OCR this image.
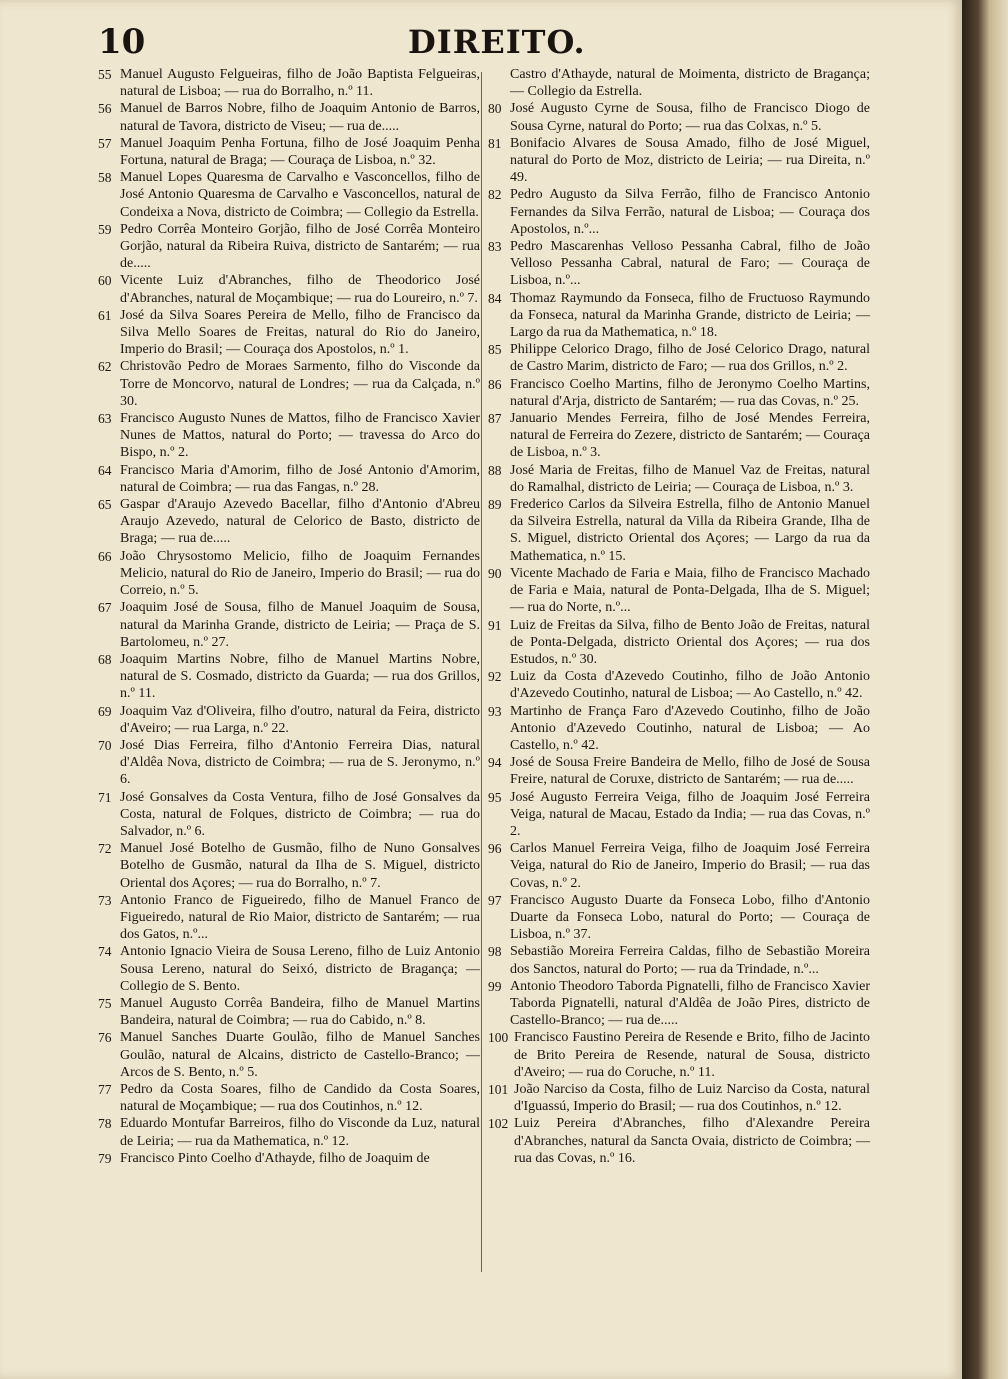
10	DIREITO.

55 Manuel Augusto Felgueiras, filho de João Baptista Felgueiras, natural de Lisboa; — rua do Borralho, n.º 11.

56 Manuel de Barros Nobre, filho de Joaquim Antonio de Barros, natural de Tavora, districto de Viseu; — rua de.....

57 Manuel Joaquim Penha Fortuna, filho de José Joaquim Penha Fortuna, natural de Braga; — Couraça de Lisboa, n.º 32.

58 Manuel Lopes Quaresma de Carvalho e Vasconcellos, filho de José Antonio Quaresma de Carvalho e Vasconcellos, natural de Condeixa a Nova, districto de Coimbra; — Collegio da Estrella.

59 Pedro Corrêa Monteiro Gorjão, filho de José Corrêa Monteiro Gorjão, natural da Ribeira Ruiva, districto de Santarém; — rua de.....

60 Vicente Luiz d'Abranches, filho de Theodorico José d'Abranches, natural de Moçambique; — rua do Loureiro, n.º 7.

61 José da Silva Soares Pereira de Mello, filho de Francisco da Silva Mello Soares de Freitas, natural do Rio do Janeiro, Imperio do Brasil; — Couraça dos Apostolos, n.º 1.

62 Christovão Pedro de Moraes Sarmento, filho do Visconde da Torre de Moncorvo, natural de Londres; — rua da Calçada, n.º 30.

63 Francisco Augusto Nunes de Mattos, filho de Francisco Xavier Nunes de Mattos, natural do Porto; — travessa do Arco do Bispo, n.º 2.

64 Francisco Maria d'Amorim, filho de José Antonio d'Amorim, natural de Coimbra; — rua das Fangas, n.º 28.

65 Gaspar d'Araujo Azevedo Bacellar, filho d'Antonio d'Abreu Araujo Azevedo, natural de Celorico de Basto, districto de Braga; — rua de.....

66 João Chrysostomo Melicio, filho de Joaquim Fernandes Melicio, natural do Rio de Janeiro, Imperio do Brasil; — rua do Correio, n.º 5.

67 Joaquim José de Sousa, filho de Manuel Joaquim de Sousa, natural da Marinha Grande, districto de Leiria; — Praça de S. Bartolomeu, n.º 27.

68 Joaquim Martins Nobre, filho de Manuel Martins Nobre, natural de S. Cosmado, districto da Guarda; — rua dos Grillos, n.º 11.

69 Joaquim Vaz d'Oliveira, filho d'outro, natural da Feira, districto d'Aveiro; — rua Larga, n.º 22.

70 José Dias Ferreira, filho d'Antonio Ferreira Dias, natural d'Aldêa Nova, districto de Coimbra; — rua de S. Jeronymo, n.º 6.

71 José Gonsalves da Costa Ventura, filho de José Gonsalves da Costa, natural de Folques, districto de Coimbra; — rua do Salvador, n.º 6.

72 Manuel José Botelho de Gusmão, filho de Nuno Gonsalves Botelho de Gusmão, natural da Ilha de S. Miguel, districto Oriental dos Açores; — rua do Borralho, n.º 7.

73 Antonio Franco de Figueiredo, filho de Manuel Franco de Figueiredo, natural de Rio Maior, districto de Santarém; — rua dos Gatos, n.º...

74 Antonio Ignacio Vieira de Sousa Lereno, filho de Luiz Antonio Sousa Lereno, natural do Seixó, districto de Bragança; — Collegio de S. Bento.

75 Manuel Augusto Corrêa Bandeira, filho de Manuel Martins Bandeira, natural de Coimbra; — rua do Cabido, n.º 8.

76 Manuel Sanches Duarte Goulão, filho de Manuel Sanches Goulão, natural de Alcains, districto de Castello-Branco; — Arcos de S. Bento, n.º 5.

77 Pedro da Costa Soares, filho de Candido da Costa Soares, natural de Moçambique; — rua dos Coutinhos, n.º 12.

78 Eduardo Montufar Barreiros, filho do Visconde da Luz, natural de Leiria; — rua da Mathematica, n.º 12.

79 Francisco Pinto Coelho d'Athayde, filho de Joaquim de

Castro d'Athayde, natural de Moimenta, districto de Bragança; — Collegio da Estrella.

80 José Augusto Cyrne de Sousa, filho de Francisco Diogo de Sousa Cyrne, natural do Porto; — rua das Colxas, n.º 5.

81 Bonifacio Alvares de Sousa Amado, filho de José Miguel, natural do Porto de Moz, districto de Leiria; — rua Direita, n.º 49.

82 Pedro Augusto da Silva Ferrão, filho de Francisco Antonio Fernandes da Silva Ferrão, natural de Lisboa; — Couraça dos Apostolos, n.º...

83 Pedro Mascarenhas Velloso Pessanha Cabral, filho de João Velloso Pessanha Cabral, natural de Faro; — Couraça de Lisboa, n.º...

84 Thomaz Raymundo da Fonseca, filho de Fructuoso Raymundo da Fonseca, natural da Marinha Grande, districto de Leiria; — Largo da rua da Mathematica, n.º 18.

85 Philippe Celorico Drago, filho de José Celorico Drago, natural de Castro Marim, districto de Faro; — rua dos Grillos, n.º 2.

86 Francisco Coelho Martins, filho de Jeronymo Coelho Martins, natural d'Arja, districto de Santarém; — rua das Covas, n.º 25.

87 Januario Mendes Ferreira, filho de José Mendes Ferreira, natural de Ferreira do Zezere, districto de Santarém; — Couraça de Lisboa, n.º 3.

88 José Maria de Freitas, filho de Manuel Vaz de Freitas, natural do Ramalhal, districto de Leiria; — Couraça de Lisboa, n.º 3.

89 Frederico Carlos da Silveira Estrella, filho de Antonio Manuel da Silveira Estrella, natural da Villa da Ribeira Grande, Ilha de S. Miguel, districto Oriental dos Açores; — Largo da rua da Mathematica, n.º 15.

90 Vicente Machado de Faria e Maia, filho de Francisco Machado de Faria e Maia, natural de Ponta-Delgada, Ilha de S. Miguel; — rua do Norte, n.º...

91 Luiz de Freitas da Silva, filho de Bento João de Freitas, natural de Ponta-Delgada, districto Oriental dos Açores; — rua dos Estudos, n.º 30.

92 Luiz da Costa d'Azevedo Coutinho, filho de João Antonio d'Azevedo Coutinho, natural de Lisboa; — Ao Castello, n.º 42.

93 Martinho de França Faro d'Azevedo Coutinho, filho de João Antonio d'Azevedo Coutinho, natural de Lisboa; — Ao Castello, n.º 42.

94 José de Sousa Freire Bandeira de Mello, filho de José de Sousa Freire, natural de Coruxe, districto de Santarém; — rua de.....

95 José Augusto Ferreira Veiga, filho de Joaquim José Ferreira Veiga, natural de Macau, Estado da India; — rua das Covas, n.º 2.

96 Carlos Manuel Ferreira Veiga, filho de Joaquim José Ferreira Veiga, natural do Rio de Janeiro, Imperio do Brasil; — rua das Covas, n.º 2.

97 Francisco Augusto Duarte da Fonseca Lobo, filho d'Antonio Duarte da Fonseca Lobo, natural do Porto; — Couraça de Lisboa, n.º 37.

98 Sebastião Moreira Ferreira Caldas, filho de Sebastião Moreira dos Sanctos, natural do Porto; — rua da Trindade, n.º...

99 Antonio Theodoro Taborda Pignatelli, filho de Francisco Xavier Taborda Pignatelli, natural d'Aldêa de João Pires, districto de Castello-Branco; — rua de.....

100 Francisco Faustino Pereira de Resende e Brito, filho de Jacinto de Brito Pereira de Resende, natural de Sousa, districto d'Aveiro; — rua do Coruche, n.º 11.

101 João Narciso da Costa, filho de Luiz Narciso da Costa, natural d'Iguassú, Imperio do Brasil; — rua dos Coutinhos, n.º 12.

102 Luiz Pereira d'Abranches, filho d'Alexandre Pereira d'Abranches, natural da Sancta Ovaia, districto de Coimbra; — rua das Covas, n.º 16.
